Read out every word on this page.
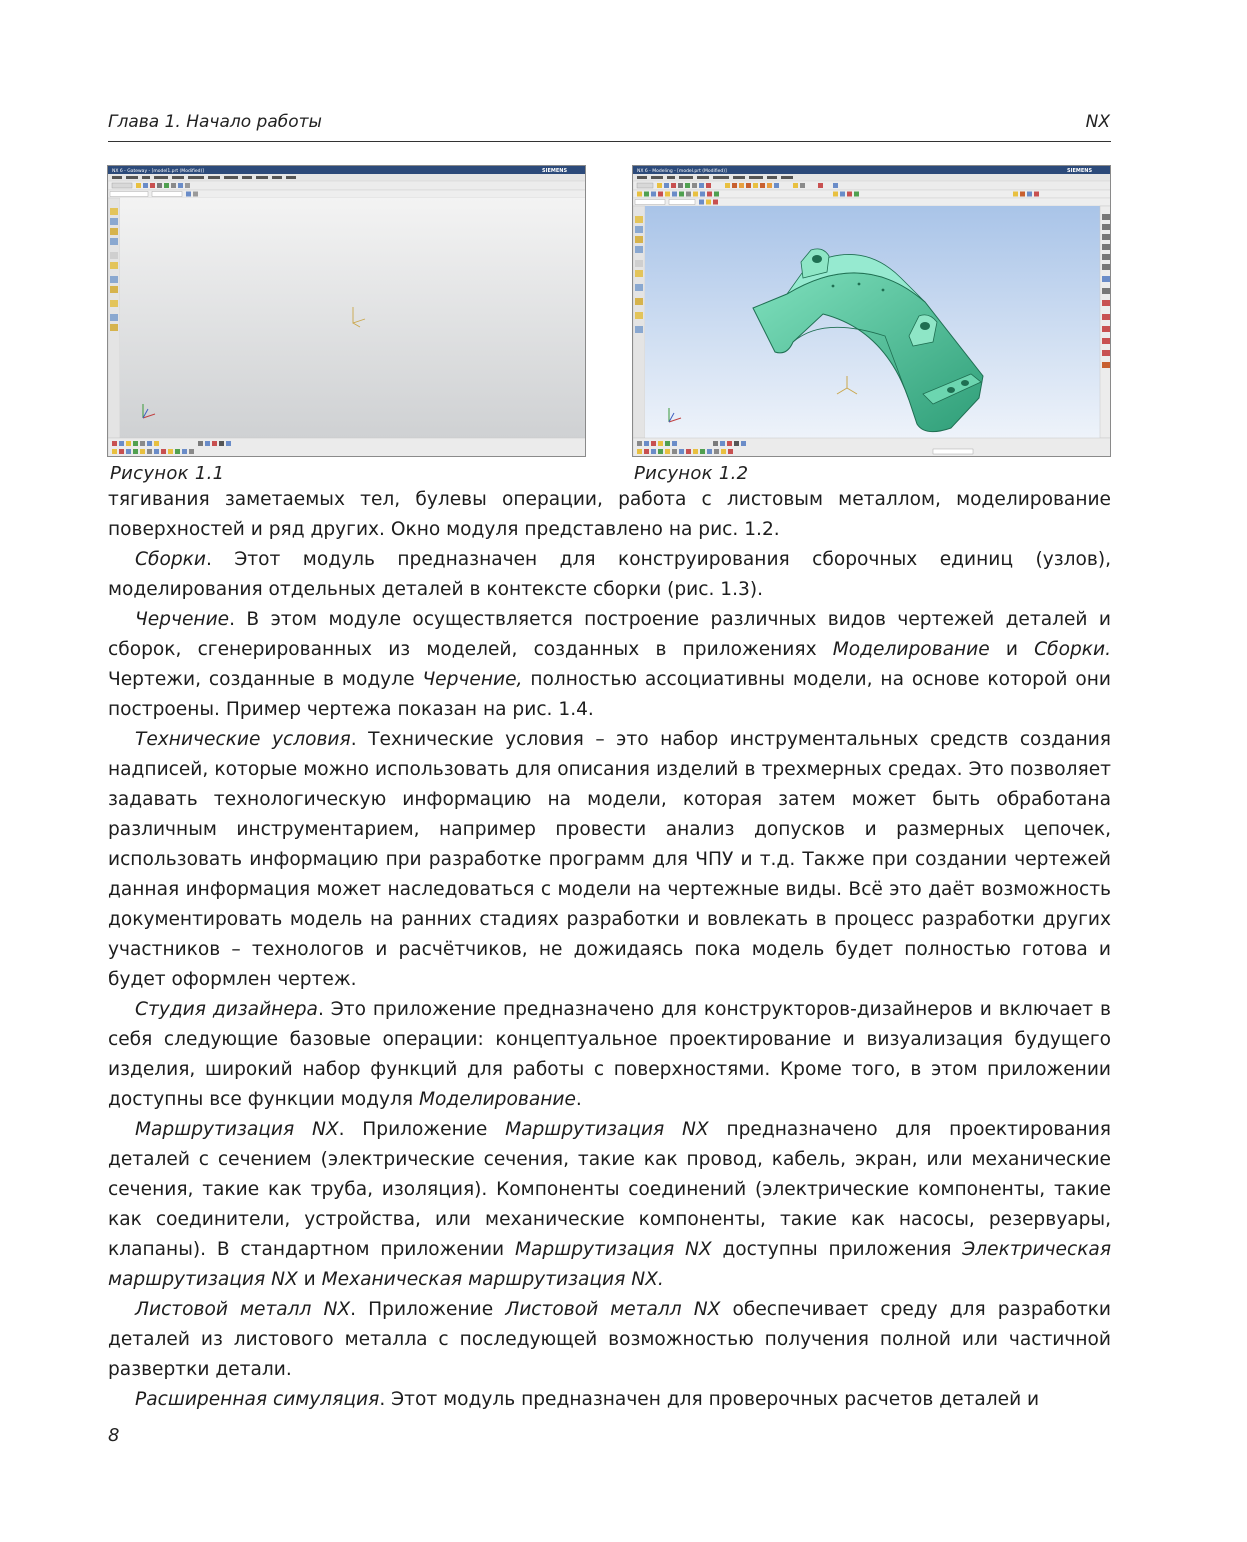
Глава 1. Начало работы	NX
NX 6 - Gateway - [model1.prt (Modified)]	SIEMENS	NX 6 - Modeling - [model.prt (Modified)]	SIEMENS
Рисунок 1.1	Рисунок 1.2

тягивания заметаемых тел, булевы операции, работа с листовым металлом, моделирование поверхностей и ряд других. Окно модуля представлено на рис. 1.2.

Сборки. Этот модуль предназначен для конструирования сборочных единиц (узлов), моделирования отдельных деталей в контексте сборки (рис. 1.3).

Черчение. В этом модуле осуществляется построение различных видов чертежей деталей и сборок, сгенерированных из моделей, созданных в приложениях Моделирование и Сборки. Чертежи, созданные в модуле Черчение, полностью ассоциативны модели, на основе которой они построены. Пример чертежа показан на рис. 1.4.

Технические условия. Технические условия – это набор инструментальных средств создания надписей, которые можно использовать для описания изделий в трехмерных средах. Это позволяет задавать технологическую информацию на модели, которая затем может быть обработана различным инструментарием, например провести анализ допусков и размерных цепочек, использовать информацию при разработке программ для ЧПУ и т.д. Также при создании чертежей данная информация может наследоваться с модели на чертежные виды. Всё это даёт возможность документировать модель на ранних стадиях разработки и вовлекать в процесс разработки других участников – технологов и расчётчиков, не дожидаясь пока модель будет полностью готова и будет оформлен чертеж.

Студия дизайнера. Это приложение предназначено для конструкторов-дизайнеров и включает в себя следующие базовые операции: концептуальное проектирование и визуализация будущего изделия, широкий набор функций для работы с поверхностями. Кроме того, в этом приложении доступны все функции модуля Моделирование.

Маршрутизация NX. Приложение Маршрутизация NX предназначено для проектирования деталей с сечением (электрические сечения, такие как провод, кабель, экран, или механические сечения, такие как труба, изоляция). Компоненты соединений (электрические компоненты, такие как соединители, устройства, или механические компоненты, такие как насосы, резервуары, клапаны). В стандартном приложении Маршрутизация NX доступны приложения Электрическая маршрутизация NX и Механическая маршрутизация NX.

Листовой металл NX. Приложение Листовой металл NX обеспечивает среду для разработки деталей из листового металла с последующей возможностью получения полной или частичной развертки детали.

Расширенная симуляция. Этот модуль предназначен для проверочных расчетов деталей и

8
